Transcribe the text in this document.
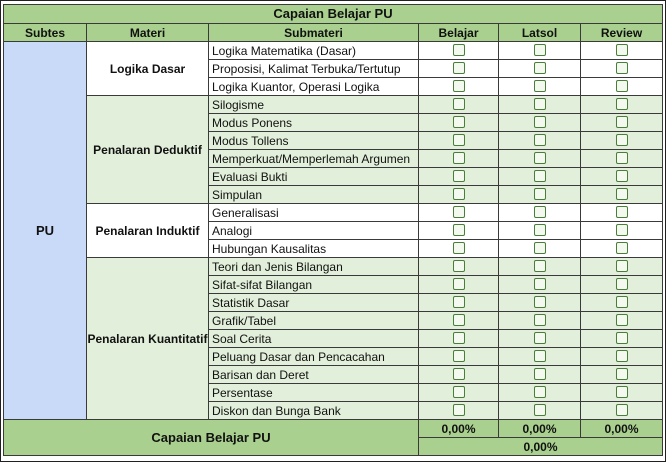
Capaian Belajar PU					
Subtes	Materi	Submateri	Belajar	Latsol	Review
PU	Logika Dasar	Logika Matematika (Dasar)			
		Proposisi, Kalimat Terbuka/Tertutup			
		Logika Kuantor, Operasi Logika			
	Penalaran Deduktif	Silogisme			
		Modus Ponens			
		Modus Tollens			
		Memperkuat/Memperlemah Argumen			
		Evaluasi Bukti			
		Simpulan			
	Penalaran Induktif	Generalisasi			
		Analogi			
		Hubungan Kausalitas			
	Penalaran Kuantitatif	Teori dan Jenis Bilangan			
		Sifat-sifat Bilangan			
		Statistik Dasar			
		Grafik/Tabel			
		Soal Cerita			
		Peluang Dasar dan Pencacahan			
		Barisan dan Deret			
		Persentase			
		Diskon dan Bunga Bank			
Capaian Belajar PU			0,00%	0,00%	0,00%
			0,00%		
